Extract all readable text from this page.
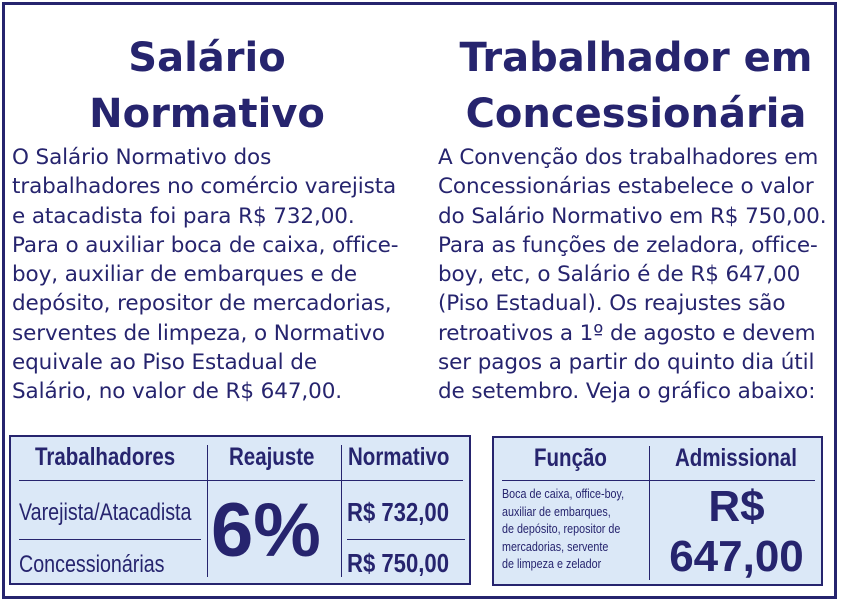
Salário
Normativo
Trabalhador em
Concessionária
O Salário Normativo dos
trabalhadores no comércio varejista
e atacadista foi para R$ 732,00.
Para o auxiliar boca de caixa, office-
boy, auxiliar de embarques e de
depósito, repositor de mercadorias,
serventes de limpeza, o Normativo
equivale ao Piso Estadual de
Salário, no valor de R$ 647,00.
A Convenção dos trabalhadores em
Concessionárias estabelece o valor
do Salário Normativo em R$ 750,00.
Para as funções de zeladora, office-
boy, etc, o Salário é de R$ 647,00
(Piso Estadual). Os reajustes são
retroativos a 1º de agosto e devem
ser pagos a partir do quinto dia útil
de setembro. Veja o gráfico abaixo:
Trabalhadores Reajuste Normativo
Varejista/Atacadista
Concessionárias 6% R$ 732,00
R$ 750,00
Função	Admissional
Boca de caixa, office-boy,
auxiliar de embarques,
de depósito, repositor de
mercadorias, servente
de limpeza e zelador
R$
647,00
